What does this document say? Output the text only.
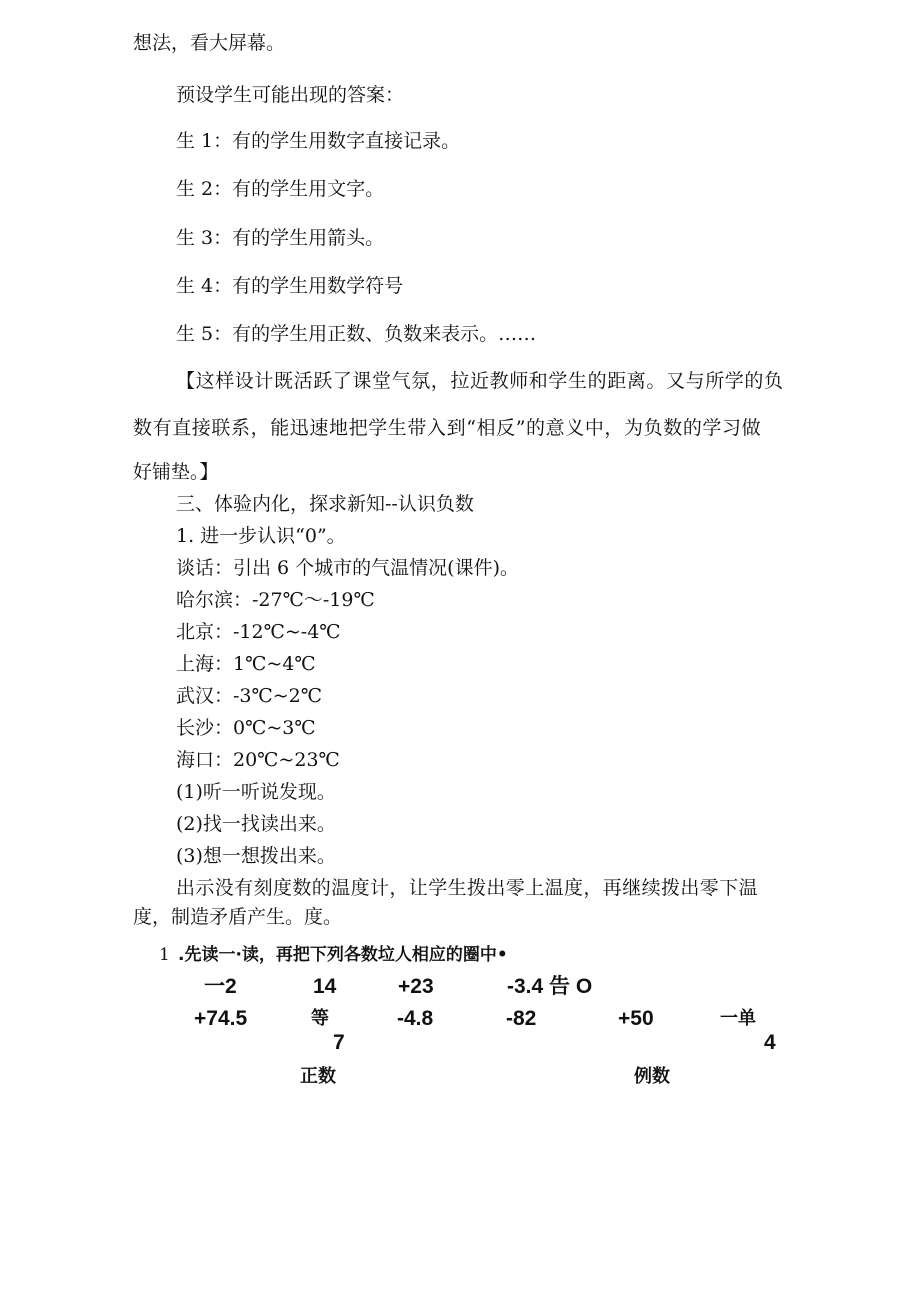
想法，看大屏幕。
预设学生可能出现的答案：
生 1：有的学生用数字直接记录。
生 2：有的学生用文字。
生 3：有的学生用箭头。
生 4：有的学生用数学符号
生 5：有的学生用正数、负数来表示。……
【这样设计既活跃了课堂气氛，拉近教师和学生的距离。又与所学的负
数有直接联系，能迅速地把学生带入到“相反”的意义中，为负数的学习做
好铺垫。】
三、体验内化，探求新知--认识负数
1. 进一步认识“0”。
谈话：引出 6 个城市的气温情况(课件)。
哈尔滨：-27℃～-19℃
北京：-12℃~-4℃
上海：1℃~4℃
武汉：-3℃~2℃
长沙：0℃~3℃
海口：20℃~23℃
(1)听一听说发现。
(2)找一找读出来。
(3)想一想拨出来。
出示没有刻度数的温度计，让学生拨出零上温度，再继续拨出零下温
度，制造矛盾产生。度。
1 .先读一·读，再把下列各数垃人相应的圈中•
一2	14	+23	-3.4 告 O
+74.5	等	-4.8	-82	+50	一单
7	4
正数	例数
